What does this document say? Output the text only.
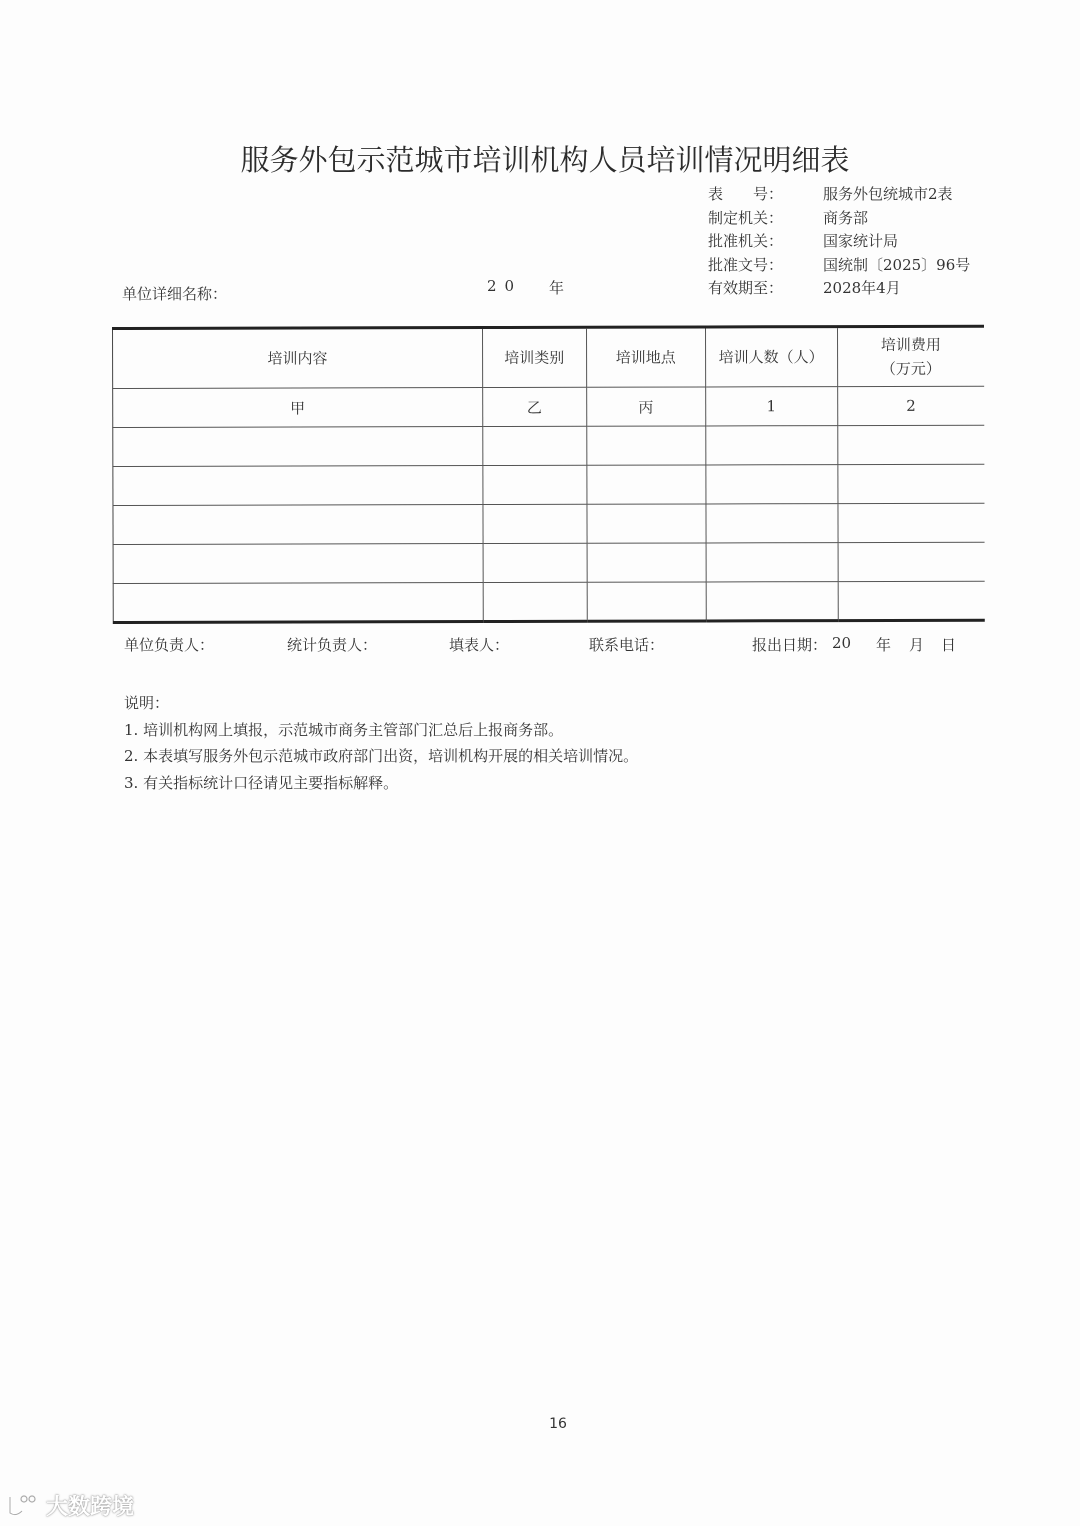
服务外包示范城市培训机构人员培训情况明细表
表　　号：	服务外包统城市2表
制定机关：	商务部
批准机关：	国家统计局
批准文号：	国统制〔2025〕96号
有效期至：	2028年4月
单位详细名称：	20 年
培训内容	培训类别	培训地点	培训人数（人）	培训费用
（万元）

甲	乙	丙	1	2

单位负责人：	统计负责人：	填表人：	联系电话：	报出日期： 20 年 月 日
说明：
1. 培训机构网上填报，示范城市商务主管部门汇总后上报商务部。
2. 本表填写服务外包示范城市政府部门出资，培训机构开展的相关培训情况。
3. 有关指标统计口径请见主要指标解释。
16
大数跨境
